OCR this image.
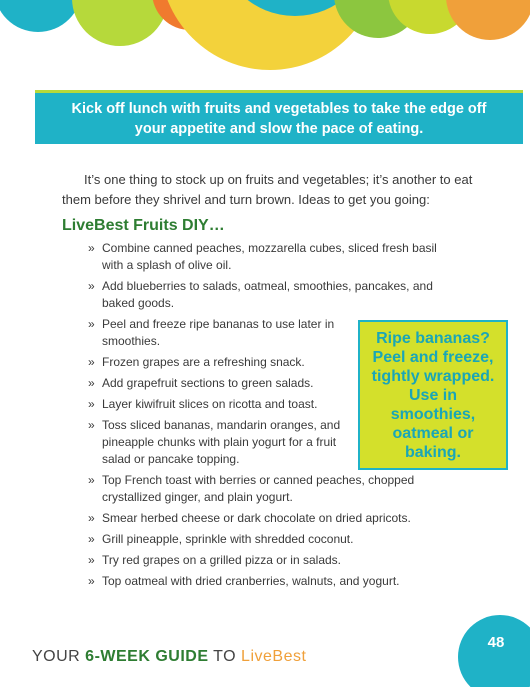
Kick off lunch with fruits and vegetables to take the edge off your appetite and slow the pace of eating.

It’s one thing to stock up on fruits and vegetables; it’s another to eat them before they shrivel and turn brown. Ideas to get you going:

LiveBest Fruits DIY…
» Combine canned peaches, mozzarella cubes, sliced fresh basil with a splash of olive oil.
» Add blueberries to salads, oatmeal, smoothies, pancakes, and baked goods.
» Peel and freeze ripe bananas to use later in smoothies.
» Frozen grapes are a refreshing snack.
» Add grapefruit sections to green salads.
» Layer kiwifruit slices on ricotta and toast.
» Toss sliced bananas, mandarin oranges, and pineapple chunks with plain yogurt for a fruit salad or pancake topping.
» Top French toast with berries or canned peaches, chopped crystallized ginger, and plain yogurt.
» Smear herbed cheese or dark chocolate on dried apricots.
» Grill pineapple, sprinkle with shredded coconut.
» Try red grapes on a grilled pizza or in salads.
» Top oatmeal with dried cranberries, walnuts, and yogurt.
Ripe bananas? Peel and freeze, tightly wrapped. Use in smoothies, oatmeal or baking.
YOUR 6-WEEK GUIDE TO LiveBest
48
